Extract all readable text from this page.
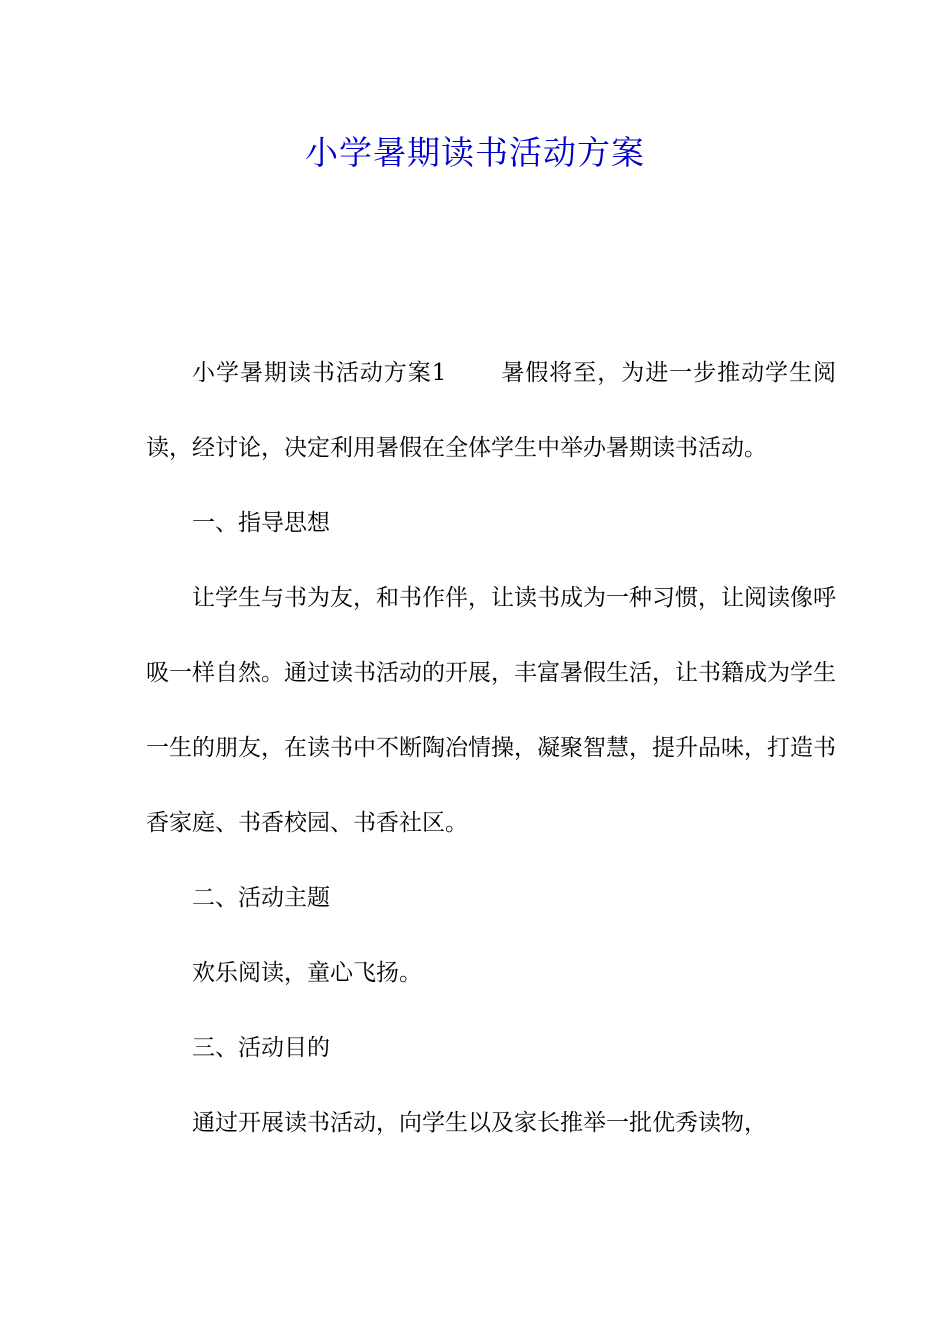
小学暑期读书活动方案

小学暑期读书活动方案1 暑假将至，为进一步推动学生阅读，经讨论，决定利用暑假在全体学生中举办暑期读书活动。

一、指导思想

让学生与书为友，和书作伴，让读书成为一种习惯，让阅读像呼吸一样自然。通过读书活动的开展，丰富暑假生活，让书籍成为学生一生的朋友，在读书中不断陶冶情操，凝聚智慧，提升品味，打造书香家庭、书香校园、书香社区。

二、活动主题

欢乐阅读，童心飞扬。

三、活动目的

通过开展读书活动，向学生以及家长推举一批优秀读物，
